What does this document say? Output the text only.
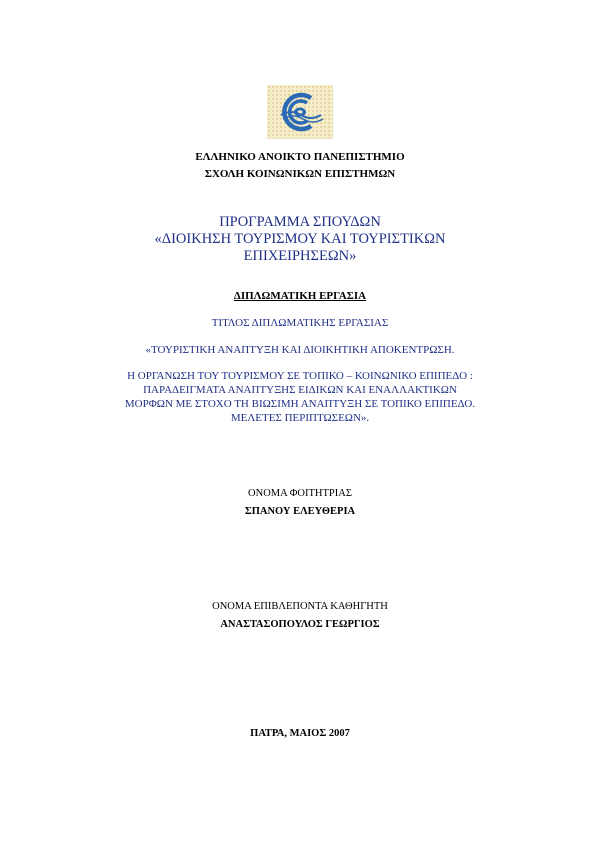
ΕΛΛΗΝΙΚΟ ΑΝΟΙΚΤΟ ΠΑΝΕΠΙΣΤΗΜΙΟ
ΣΧΟΛΗ ΚΟΙΝΩΝΙΚΩΝ ΕΠΙΣΤΗΜΩΝ
ΠΡΟΓΡΑΜΜΑ ΣΠΟΥΔΩΝ
«ΔΙΟΙΚΗΣΗ ΤΟΥΡΙΣΜΟΥ ΚΑΙ ΤΟΥΡΙΣΤΙΚΩΝ
ΕΠΙΧΕΙΡΗΣΕΩΝ»
ΔΙΠΛΩΜΑΤΙΚΗ ΕΡΓΑΣΙΑ
ΤΙΤΛΟΣ ΔΙΠΛΩΜΑΤΙΚΗΣ ΕΡΓΑΣΙΑΣ
«ΤΟΥΡΙΣΤΙΚΗ ΑΝΑΠΤΥΞΗ ΚΑΙ ΔΙΟΙΚΗΤΙΚΗ ΑΠΟΚΕΝΤΡΩΣΗ.
Η ΟΡΓΑΝΩΣΗ ΤΟΥ ΤΟΥΡΙΣΜΟΥ ΣΕ ΤΟΠΙΚΟ – ΚΟΙΝΩΝΙΚΟ ΕΠΙΠΕΔΟ :
ΠΑΡΑΔΕΙΓΜΑΤΑ ΑΝΑΠΤΥΞΗΣ ΕΙΔΙΚΩΝ ΚΑΙ ΕΝΑΛΛΑΚΤΙΚΩΝ
ΜΟΡΦΩΝ ΜΕ ΣΤΟΧΟ ΤΗ ΒΙΩΣΙΜΗ ΑΝΑΠΤΥΞΗ ΣΕ ΤΟΠΙΚΟ ΕΠΙΠΕΔΟ.
ΜΕΛΕΤΕΣ ΠΕΡΙΠΤΩΣΕΩΝ».
ΟΝΟΜΑ ΦΟΙΤΗΤΡΙΑΣ
ΣΠΑΝΟΥ ΕΛΕΥΘΕΡΙΑ
ΟΝΟΜΑ ΕΠΙΒΛΕΠΟΝΤΑ ΚΑΘΗΓΗΤΗ
ΑΝΑΣΤΑΣΟΠΟΥΛΟΣ ΓΕΩΡΓΙΟΣ
ΠΑΤΡΑ, ΜΑΙΟΣ 2007
